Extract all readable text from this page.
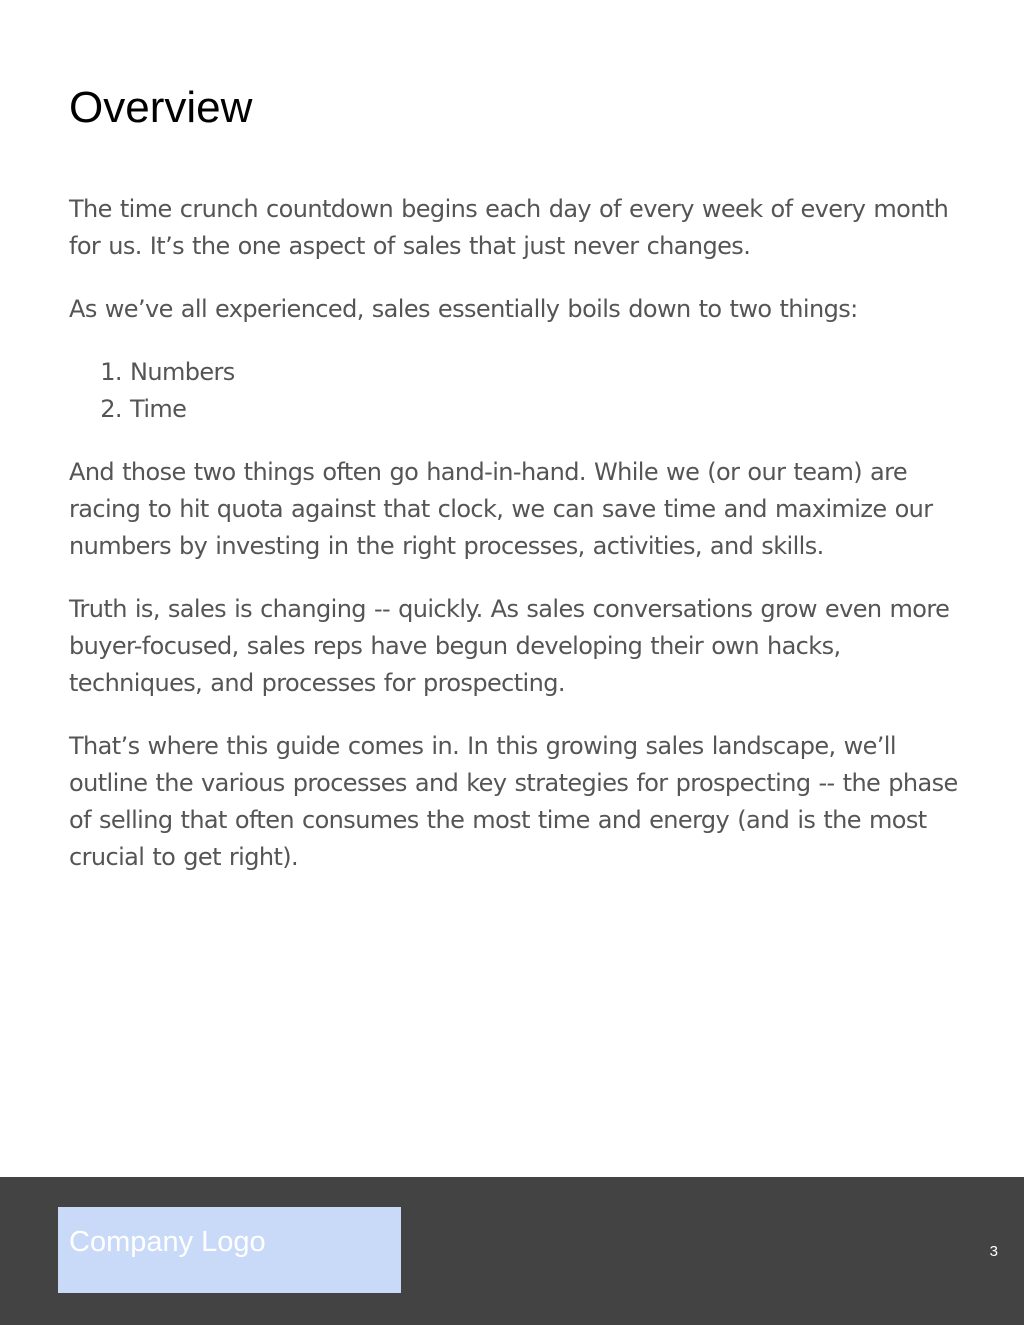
Overview

The time crunch countdown begins each day of every week of every month for us. It’s the one aspect of sales that just never changes.

As we’ve all experienced, sales essentially boils down to two things:

1. Numbers
2. Time

And those two things often go hand-in-hand. While we (or our team) are racing to hit quota against that clock, we can save time and maximize our numbers by investing in the right processes, activities, and skills.

Truth is, sales is changing -- quickly. As sales conversations grow even more buyer-focused, sales reps have begun developing their own hacks, techniques, and processes for prospecting.

That’s where this guide comes in. In this growing sales landscape, we’ll outline the various processes and key strategies for prospecting -- the phase of selling that often consumes the most time and energy (and is the most crucial to get right).

Company Logo	3
